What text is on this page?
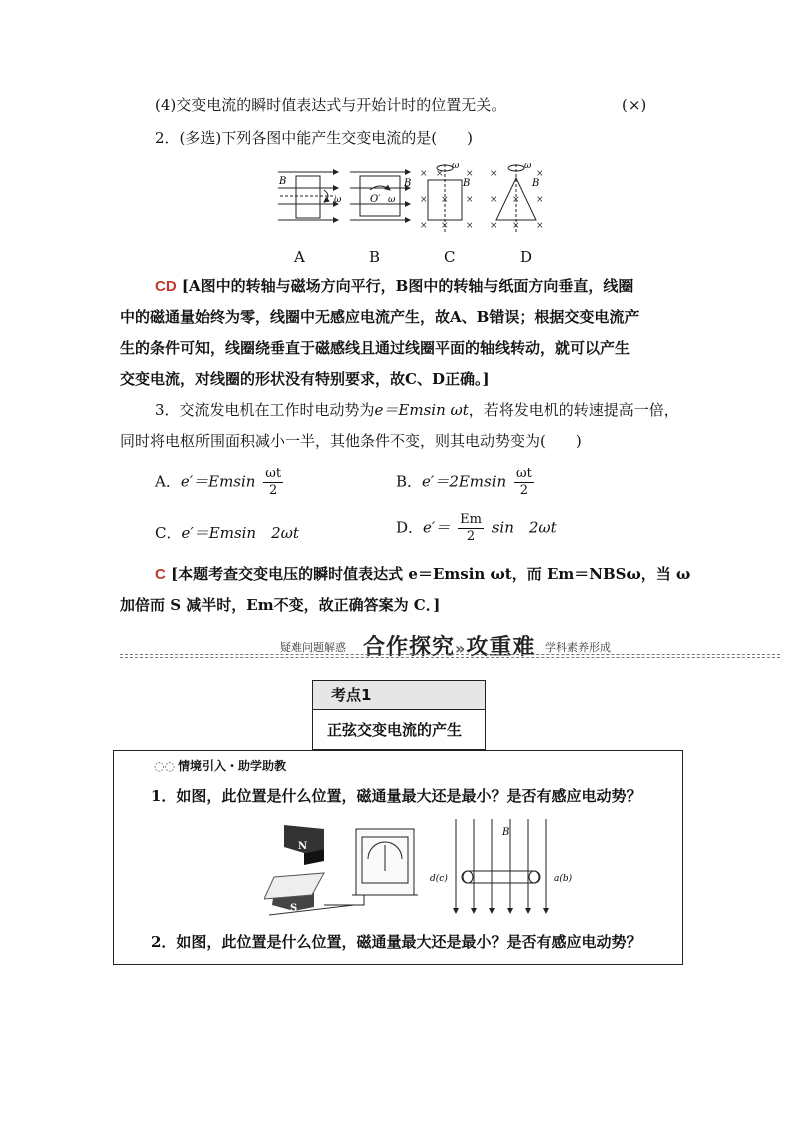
(4)交变电流的瞬时值表达式与开始计时的位置无关。	(×)
2．(多选)下列各图中能产生交变电流的是(　　)
B
ω
B
O′ ω
× × ×
× × ×
× × ×
ω
B
×	×
× × ×
× × ×
ω
B
A	B	C	D
CD [A图中的转轴与磁场方向平行，B图中的转轴与纸面方向垂直，线圈
中的磁通量始终为零，线圈中无感应电流产生，故A、B错误；根据交变电流产
生的条件可知，线圈绕垂直于磁感线且通过线圈平面的轴线转动，就可以产生
交变电流，对线圈的形状没有特别要求，故C、D正确。]
3．交流发电机在工作时电动势为e＝Emsin ωt，若将发电机的转速提高一倍，
同时将电枢所围面积减小一半，其他条件不变，则其电动势变为(　　)
A．$e'=Emsin \frac{\omega t}{2}$	B．$e'=2Emsin \frac{\omega t}{2}$
C．e′＝Emsin　2ωt	D．$e'= \frac{Em}{2}$ sin　2ωt
C [本题考查交变电压的瞬时值表达式 e＝Emsin ωt，而 Em＝NBSω，当 ω
加倍而 S 减半时，Em不变，故正确答案为 C．]
疑难问题解惑 合作探究»攻重难 学科素养形成
考点1
正弦交变电流的产生
◌◌ 情境引入・助学助教
1．如图，此位置是什么位置，磁通量最大还是最小？是否有感应电动势？
N
S
B
d(c)	a(b)
2．如图，此位置是什么位置，磁通量最大还是最小？是否有感应电动势？
